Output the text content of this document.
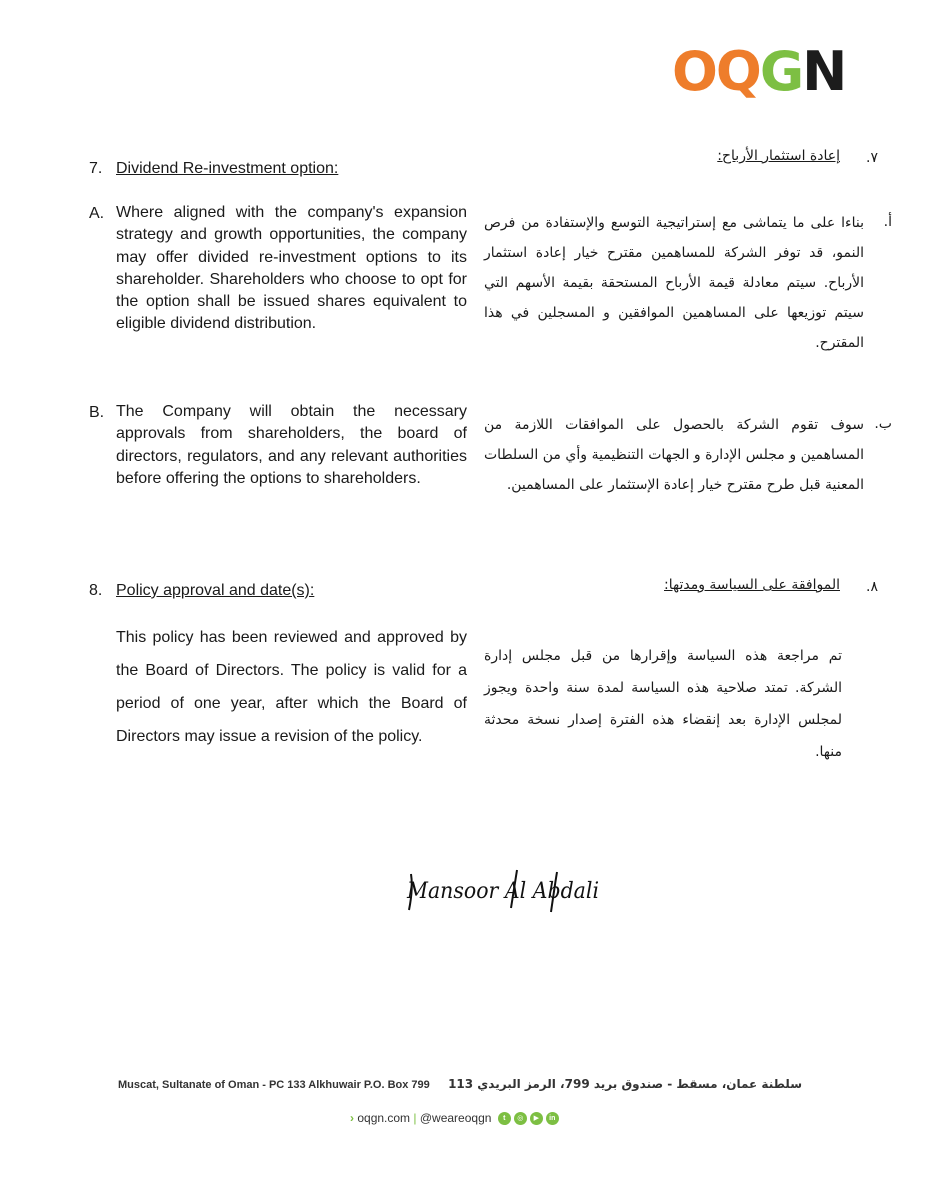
OQGN
7. Dividend Re-investment option:
A. Where aligned with the company's expansion strategy and growth opportunities, the company may offer divided re-investment options to its shareholder. Shareholders who choose to opt for the option shall be issued shares equivalent to eligible dividend distribution.
B. The Company will obtain the necessary approvals from shareholders, the board of directors, regulators, and any relevant authorities before offering the options to shareholders.
٧.
إعادة استثمار الأرباح:
أ.
بناءا على ما يتماشى مع إستراتيجية التوسع والإستفادة من فرص النمو، قد توفر الشركة للمساهمين مقترح خيار إعادة استثمار الأرباح. سيتم معادلة قيمة الأرباح المستحقة بقيمة الأسهم التي سيتم توزيعها على المساهمين الموافقين و المسجلين في هذا المقترح.
ب.
سوف تقوم الشركة بالحصول على الموافقات اللازمة من المساهمين و مجلس الإدارة و الجهات التنظيمية وأي من السلطات المعنية قبل طرح مقترح خيار إعادة الإستثمار على المساهمين.
8. Policy approval and date(s):
This policy has been reviewed and approved by the Board of Directors. The policy is valid for a period of one year, after which the Board of Directors may issue a revision of the policy.
٨.
الموافقة على السياسة ومدتها:
تم مراجعة هذه السياسة وإقرارها من قبل مجلس إدارة الشركة. تمتد صلاحية هذه السياسة لمدة سنة واحدة ويجوز لمجلس الإدارة بعد إنقضاء هذه الفترة إصدار نسخة محدثة منها.
Mansoor Al Abdali
Muscat, Sultanate of Oman - PC 133 Alkhuwair P.O. Box 799 سلطنة عمان، مسقط - صندوق بريد 799، الرمز البريدي 113
› oqgn.com | @weareoqgn t ◎ ▶ in
